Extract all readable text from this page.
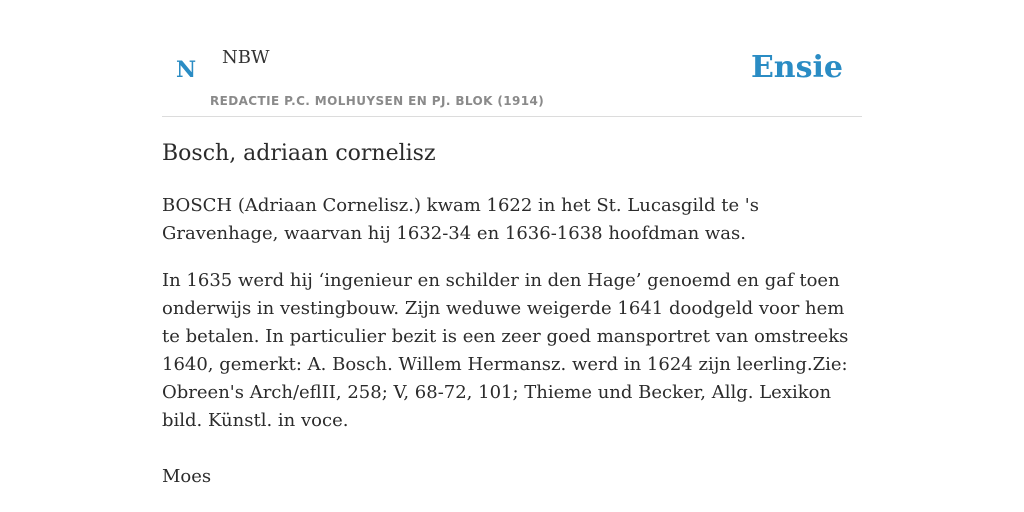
N NBW
REDACTIE P.C. MOLHUYSEN EN PJ. BLOK (1914)
Ensie
Bosch, adriaan cornelisz

BOSCH (Adriaan Cornelisz.) kwam 1622 in het St. Lucasgild te 's Gravenhage, waarvan hij 1632-34 en 1636-1638 hoofdman was.

In 1635 werd hij ‘ingenieur en schilder in den Hage’ genoemd en gaf toen onderwijs in vestingbouw. Zijn weduwe weigerde 1641 doodgeld voor hem te betalen. In particulier bezit is een zeer goed mansportret van omstreeks 1640, gemerkt: A. Bosch. Willem Hermansz. werd in 1624 zijn leerling.Zie: Obreen's Arch/eflII, 258; V, 68-72, 101; Thieme und Becker, Allg. Lexikon bild. Künstl. in voce.

Moes
